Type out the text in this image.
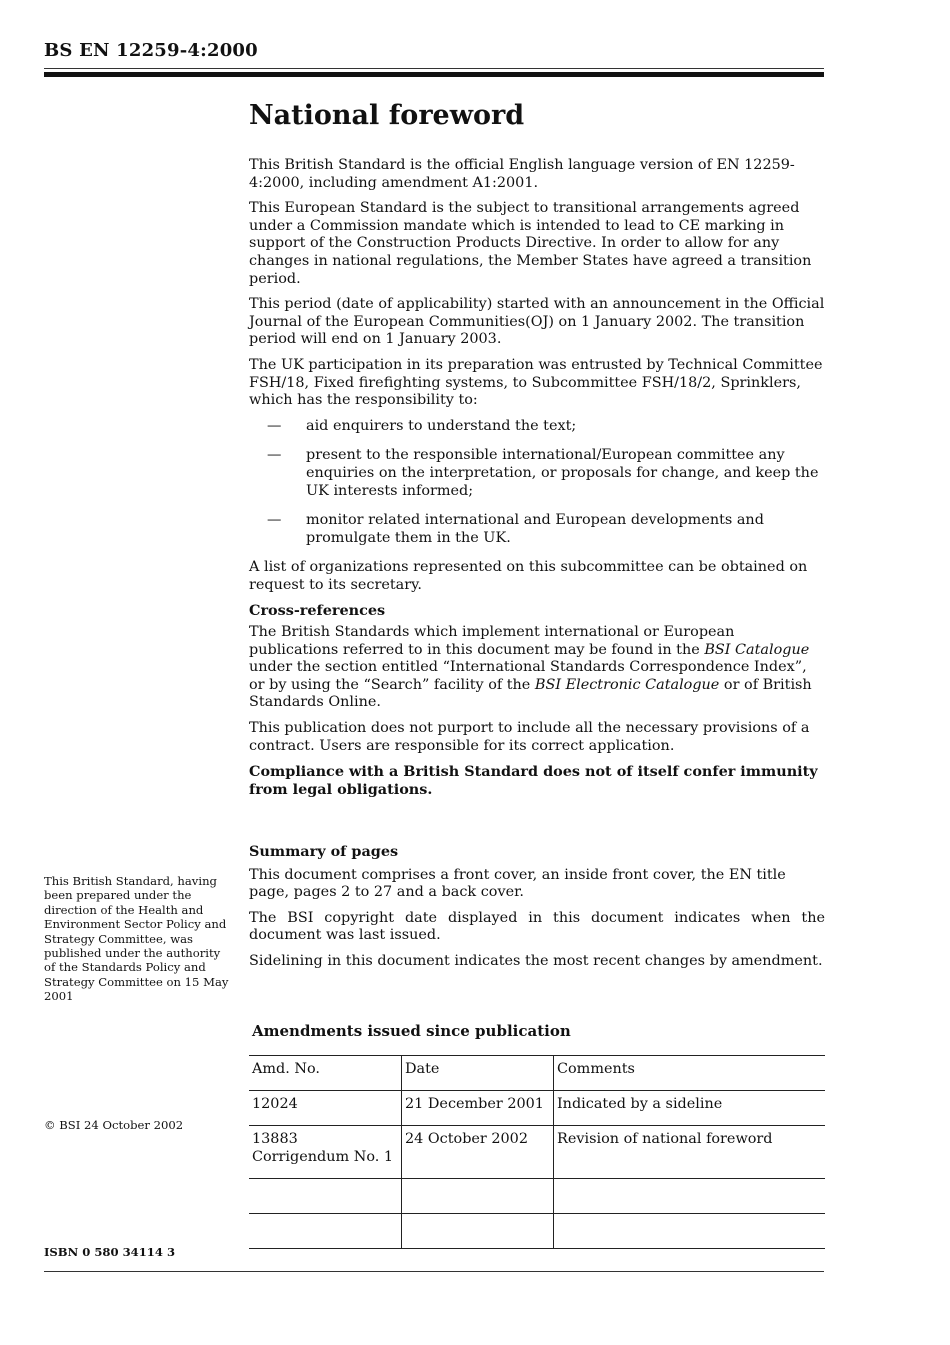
BS EN 12259-4:2000
National foreword

This British Standard is the official English language version of EN 12259-4:2000, including amendment A1:2001.

This European Standard is the subject to transitional arrangements agreed under a Commission mandate which is intended to lead to CE marking in support of the Construction Products Directive. In order to allow for any changes in national regulations, the Member States have agreed a transition period.

This period (date of applicability) started with an announcement in the Official Journal of the European Communities(OJ) on 1 January 2002. The transition period will end on 1 January 2003.

The UK participation in its preparation was entrusted by Technical Committee FSH/18, Fixed firefighting systems, to Subcommittee FSH/18/2, Sprinklers, which has the responsibility to:

— aid enquirers to understand the text;
— present to the responsible international/European committee any enquiries on the interpretation, or proposals for change, and keep the UK interests informed;
— monitor related international and European developments and promulgate them in the UK.

A list of organizations represented on this subcommittee can be obtained on request to its secretary.

Cross-references

The British Standards which implement international or European publications referred to in this document may be found in the BSI Catalogue under the section entitled “International Standards Correspondence Index”, or by using the “Search” facility of the BSI Electronic Catalogue or of British Standards Online.

This publication does not purport to include all the necessary provisions of a contract. Users are responsible for its correct application.

Compliance with a British Standard does not of itself confer immunity from legal obligations.

Summary of pages

This document comprises a front cover, an inside front cover, the EN title page, pages 2 to 27 and a back cover.

The BSI copyright date displayed in this document indicates when the document was last issued.

Sidelining in this document indicates the most recent changes by amendment.

This British Standard, having been prepared under the direction of the Health and Environment Sector Policy and Strategy Committee, was published under the authority of the Standards Policy and Strategy Committee on 15 May 2001
© BSI 24 October 2002
Amendments issued since publication
Amd. No.	Date	Comments
12024	21 December 2001	Indicated by a sideline

13883
Corrigendum No. 1	24 October 2002	Revision of national foreword

ISBN 0 580 34114 3
